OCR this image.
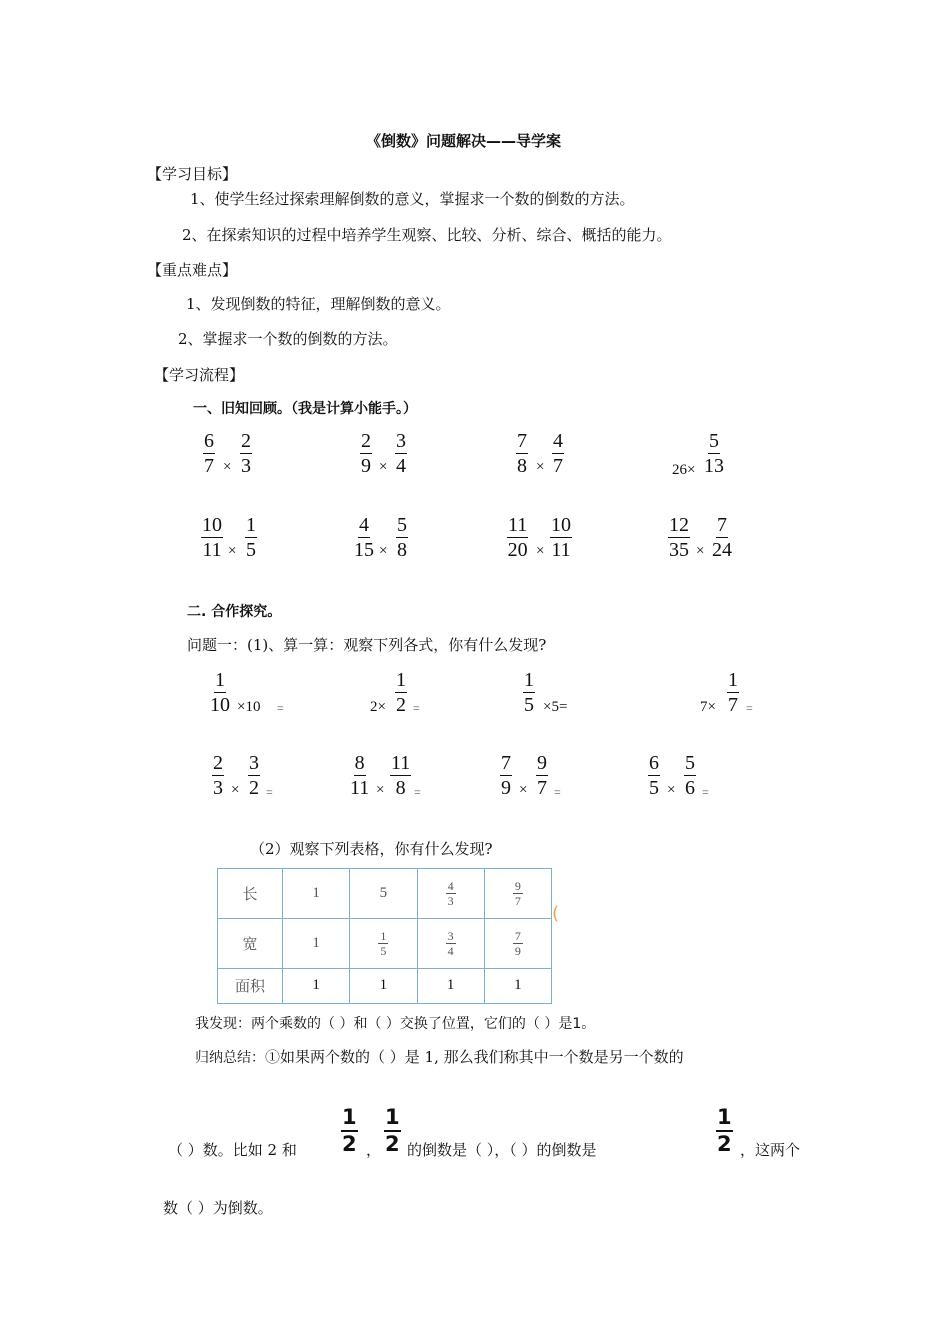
《倒数》问题解决——导学案
【学习目标】
1、使学生经过探索理解倒数的意义，掌握求一个数的倒数的方法。
2、在探索知识的过程中培养学生观察、比较、分析、综合、概括的能力。
【重点难点】
1、发现倒数的特征，理解倒数的意义。
2、掌握求一个数的倒数的方法。
【学习流程】
一、旧知回顾。（我是计算小能手。）
$\frac{6}{7} \times \frac{2}{3}$	$\frac{2}{9} \times \frac{3}{4}$	$\frac{7}{8} \times \frac{4}{7}$	$26\times \frac{5}{13}$
$\frac{10}{11} \times \frac{1}{5}$	$\frac{4}{15} \times \frac{5}{8}$	$\frac{11}{20} \times \frac{10}{11}$	$\frac{12}{35} \times \frac{7}{24}$
二. 合作探究。
问题一：(1)、算一算：观察下列各式，你有什么发现?
$\frac{1}{10} \times 10$ =	$2\times \frac{1}{2}$ =	$\frac{1}{5} \times 5=$	$7\times \frac{1}{7}$ =
$\frac{2}{3} \times \frac{3}{2}$ =	$\frac{8}{11} \times \frac{11}{8}$ =	$\frac{7}{9} \times \frac{9}{7}$ =	$\frac{6}{5} \times \frac{5}{6}$ =
（2）观察下列表格，你有什么发现?
长	1	5	$\frac{4}{3}$	$\frac{9}{7}$

宽	1	$\frac{1}{5}$	$\frac{3}{4}$	$\frac{7}{9}$

面积	1	1	1	1
(
我发现：两个乘数的（ ）和（ ）交换了位置，它们的（ ）是1。
归纳总结：①如果两个数的（ ）是 1, 那么我们称其中一个数是另一个数的
（ ）数。比如 2 和 $\frac{1}{2}$ ， $\frac{1}{2}$ 的倒数是（ ），（ ）的倒数是	$\frac{1}{2}$ ，这两个
数（ ）为倒数。
